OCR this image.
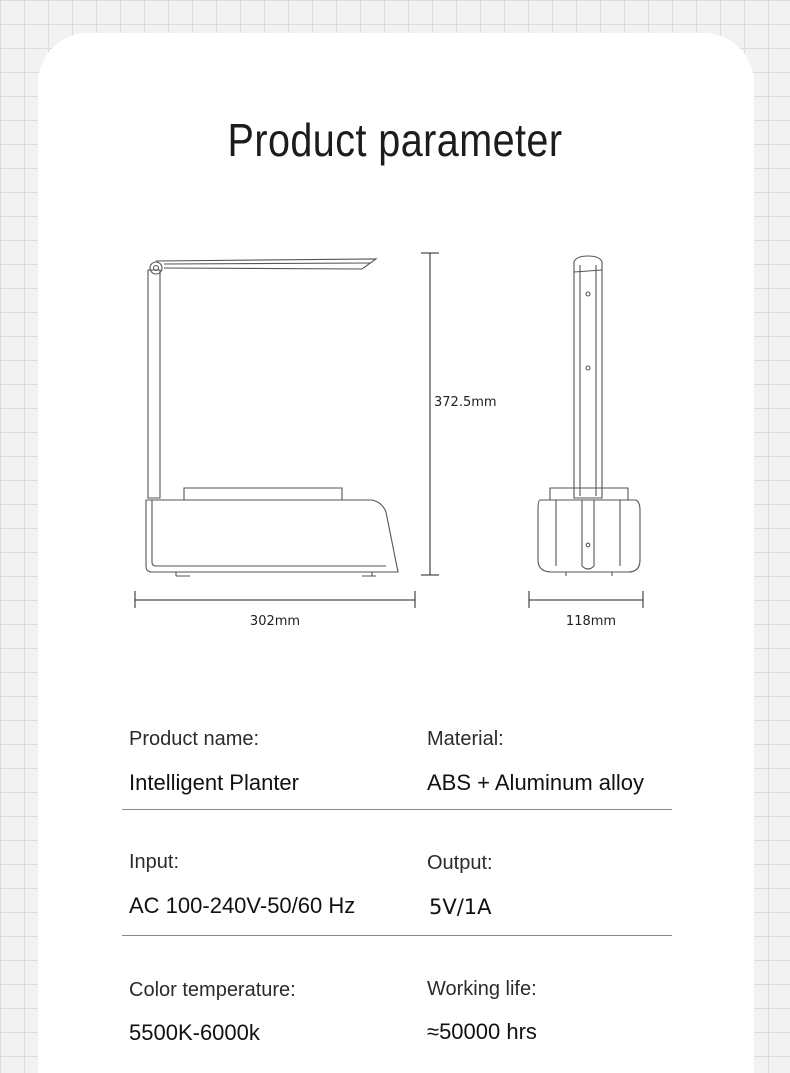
Product parameter
372.5mm
302mm	118mm
Product name:
Intelligent Planter
Material:
ABS + Aluminum alloy
Input:
AC 100-240V-50/60 Hz
Output:
5V/1A
Color temperature:
5500K-6000k
Working life:
≈50000 hrs
